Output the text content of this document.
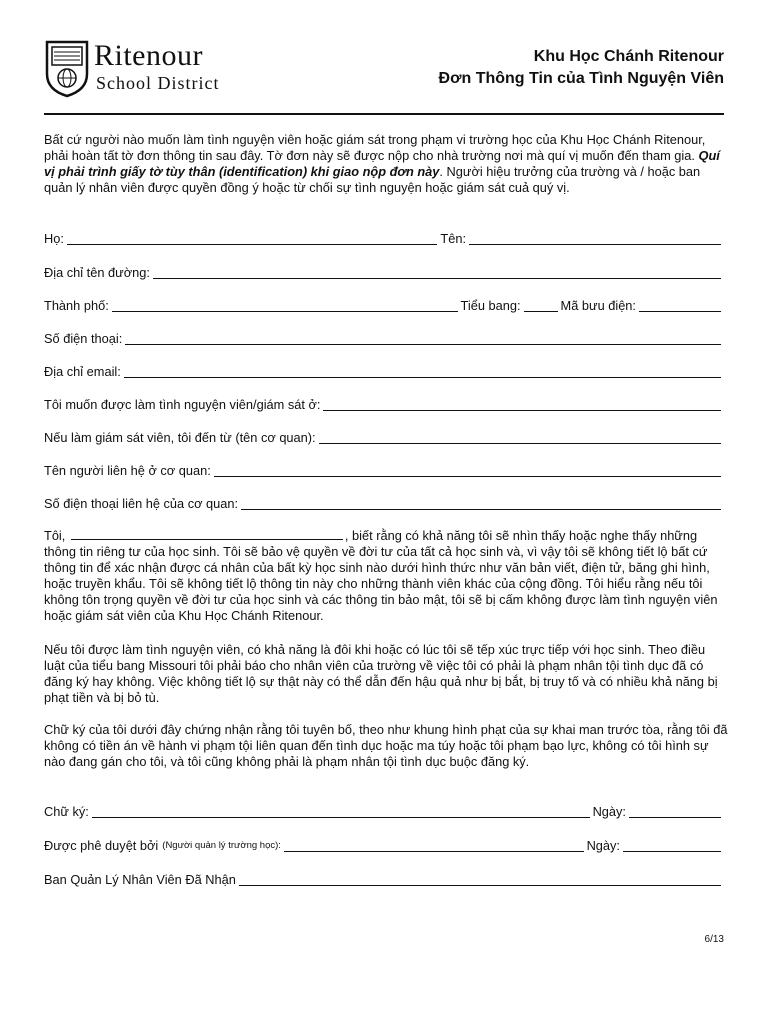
Ritenour
School District
Khu Học Chánh Ritenour
Đơn Thông Tin của Tình Nguyện Viên
Bất cứ người nào muốn làm tình nguyện viên hoặc giám sát trong phạm vi trường học của Khu Học Chánh Ritenour, phải hoàn tất tờ đơn thông tin sau đây. Tờ đơn này sẽ được nộp cho nhà trường nơi mà quí vị muốn đến tham gia. Quí vị phải trình giấy tờ tùy thân (identification) khi giao nộp đơn này. Người hiệu trưởng của trường và / hoặc ban quản lý nhân viên được quyền đồng ý hoặc từ chối sự tình nguyện hoặc giám sát cuả quý vị.
Họ:	Tên:
Địa chỉ tên đường:
Thành phố:	Tiểu bang:	Mã bưu điện:
Số điện thoại:
Địa chỉ email:
Tôi muốn được làm tình nguyện viên/giám sát ở:
Nếu làm giám sát viên, tôi đến từ (tên cơ quan):
Tên người liên hệ ở cơ quan:
Số điện thoại liên hệ của cơ quan:
Tôi,	, biết rằng có khả năng tôi sẽ nhìn thấy hoặc nghe thấy những thông tin riêng tư của học sinh. Tôi sẽ bảo vệ quyền về đời tư của tất cả học sinh và, vì vậy tôi sẽ không tiết lộ bất cứ thông tin để xác nhận được cá nhân của bất kỳ học sinh nào dưới hình thức như văn bản viết, điện tử, băng ghi hình, hoặc truyền khẩu. Tôi sẽ không tiết lộ thông tin này cho những thành viên khác của cộng đồng. Tôi hiểu rằng nếu tôi không tôn trọng quyền về đời tư của học sinh và các thông tin bảo mật, tôi sẽ bị cấm không được làm tình nguyện viên hoặc giám sát viên của Khu Học Chánh Ritenour.
Nếu tôi được làm tình nguyện viên, có khả năng là đôi khi hoặc có lúc tôi sẽ tếp xúc trực tiếp với học sinh. Theo điều luật của tiểu bang Missouri tôi phải báo cho nhân viên của trường về việc tôi có phải là phạm nhân tội tình dục đã có đăng ký hay không. Việc không tiết lộ sự thật này có thể dẫn đến hậu quả như bị bắt, bị truy tố và có nhiều khả năng bị phạt tiền và bị bỏ tù.
Chữ ký của tôi dưới đây chứng nhận rằng tôi tuyên bố, theo như khung hình phạt của sự khai man trước tòa, rằng tôi đã không có tiền án về hành vi phạm tội liên quan đến tình dục hoặc ma túy hoặc tôi phạm bạo lực, không có tôi hình sự nào đang gán cho tôi, và tôi cũng không phải là phạm nhân tội tình dục buộc đăng ký.
Chữ ký:	Ngày:
Được phê duyệt bởi (Người quản lý trường học):	Ngày:
Ban Quản Lý Nhân Viên Đã Nhận
6/13
